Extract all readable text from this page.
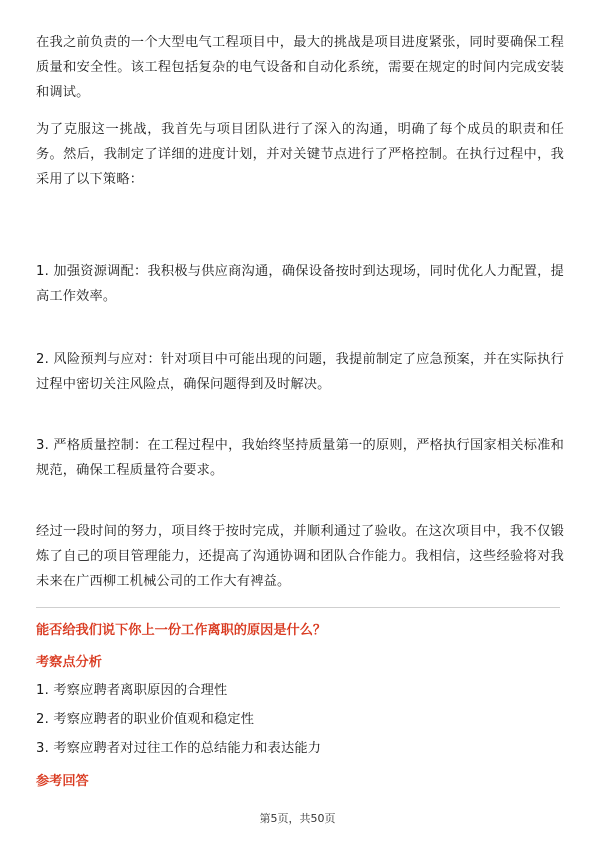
在我之前负责的一个大型电气工程项目中，最大的挑战是项目进度紧张，同时要确保工程质量和安全性。该工程包括复杂的电气设备和自动化系统，需要在规定的时间内完成安装和调试。

为了克服这一挑战，我首先与项目团队进行了深入的沟通，明确了每个成员的职责和任务。然后，我制定了详细的进度计划，并对关键节点进行了严格控制。在执行过程中，我采用了以下策略：

1. 加强资源调配：我积极与供应商沟通，确保设备按时到达现场，同时优化人力配置，提高工作效率。

2. 风险预判与应对：针对项目中可能出现的问题，我提前制定了应急预案，并在实际执行过程中密切关注风险点，确保问题得到及时解决。

3. 严格质量控制：在工程过程中，我始终坚持质量第一的原则，严格执行国家相关标准和规范，确保工程质量符合要求。

经过一段时间的努力，项目终于按时完成，并顺利通过了验收。在这次项目中，我不仅锻炼了自己的项目管理能力，还提高了沟通协调和团队合作能力。我相信，这些经验将对我未来在广西柳工机械公司的工作大有裨益。

能否给我们说下你上一份工作离职的原因是什么？

考察点分析

1. 考察应聘者离职原因的合理性

2. 考察应聘者的职业价值观和稳定性

3. 考察应聘者对过往工作的总结能力和表达能力

参考回答

第5页，共50页
